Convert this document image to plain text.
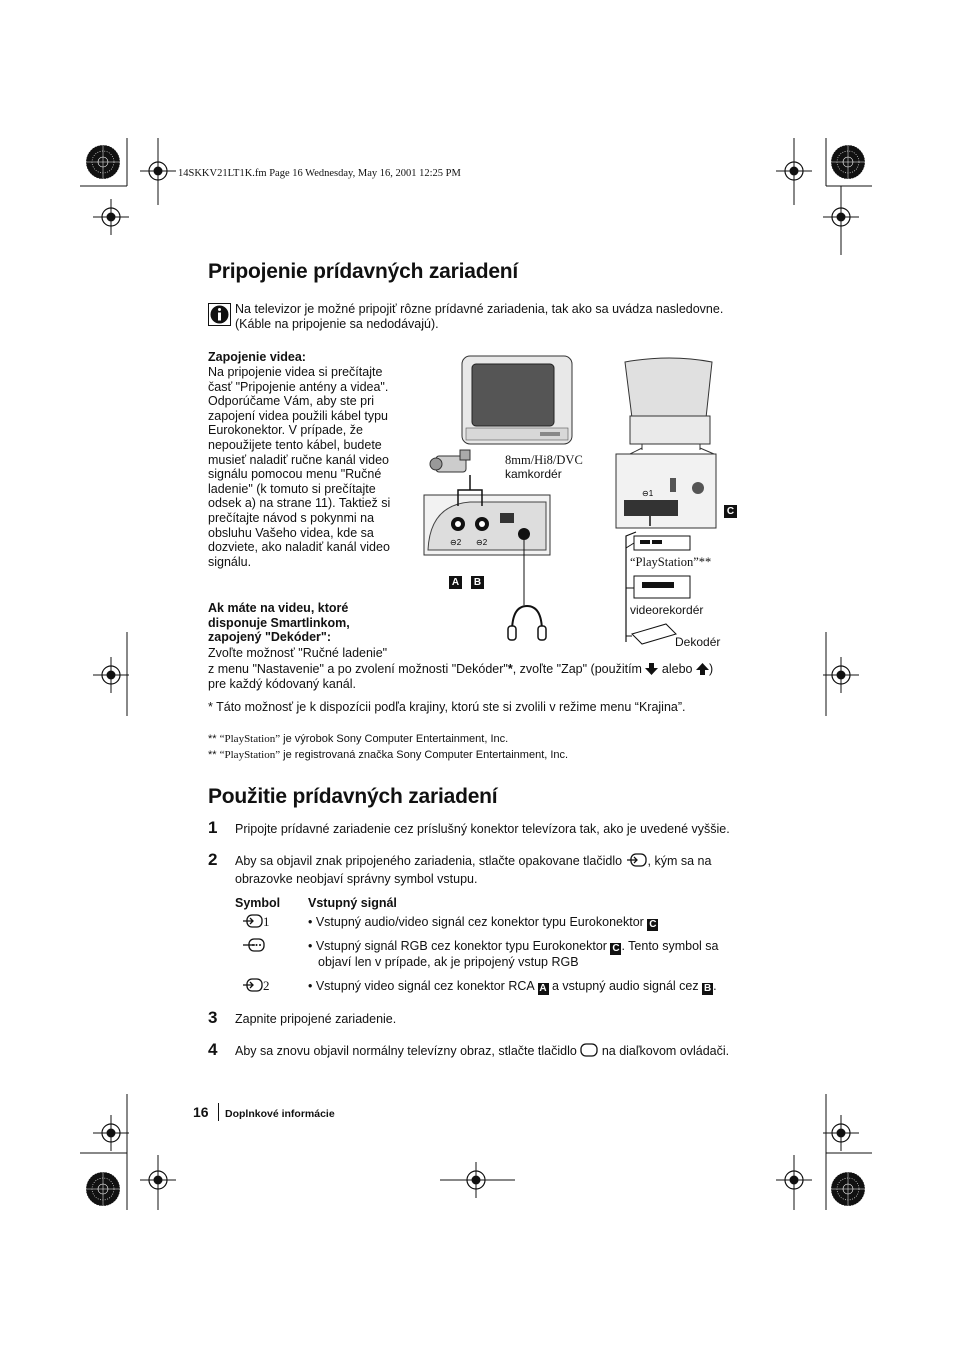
14SKKV21LT1K.fm Page 16 Wednesday, May 16, 2001 12:25 PM
Pripojenie prídavných zariadení
Na televizor je možné pripojiť rôzne prídavné zariadenia, tak ako sa uvádza nasledovne.
(Káble na pripojenie sa nedodávajú).
Zapojenie videa:
Na pripojenie videa si prečítajte
časť "Pripojenie antény a videa".
Odporúčame Vám, aby ste pri
zapojení videa použili kábel typu
Eurokonektor. V prípade, že
nepoužijete tento kábel, budete
musieť naladiť ručne kanál video
signálu pomocou menu "Ručné
ladenie" (k tomuto si prečítajte
odsek a) na strane 11). Taktiež si
prečítajte návod s pokynmi na
obsluhu Vašeho videa, kde sa
dozviete, ako naladiť kanál video
signálu.
Ak máte na videu, ktoré
disponuje Smartlinkom,
zapojený "Dekóder":
Zvoľte možnosť "Ručné ladenie"
z menu "Nastavenie" a po zvolení možnosti "Dekóder"*, zvoľte "Zap" (použitím alebo )
pre každý kódovaný kanál.
* Táto možnosť je k dispozícii podľa krajiny, ktorú ste si zvolili v režime menu “Krajina”.
** “PlayStation” je výrobok Sony Computer Entertainment, Inc.
** “PlayStation” je registrovaná značka Sony Computer Entertainment, Inc.
⊖2 ⊖2
⊖1
8mm/Hi8/DVC
kamkordér
A B
C
“PlayStation”**
videorekordér
Dekodér
Použitie prídavných zariadení
1 Pripojte prídavné zariadenie cez príslušný konektor televízora tak, ako je uvedené vyššie.
2 Aby sa objavil znak pripojeného zariadenia, stlačte opakovane tlačidlo , kým sa na
obrazovke neobjaví správny symbol vstupu.
Symbol Vstupný signál
1	• Vstupný audio/video signál cez konektor typu Eurokonektor C
• Vstupný signál RGB cez konektor typu Eurokonektor C . Tento symbol sa
objaví len v prípade, ak je pripojený vstup RGB
2	• Vstupný video signál cez konektor RCA A a vstupný audio signál cez B .
3 Zapnite pripojené zariadenie.
4 Aby sa znovu objavil normálny televízny obraz, stlačte tlačidlo na diaľkovom ovládači.
16 Doplnkové informácie
